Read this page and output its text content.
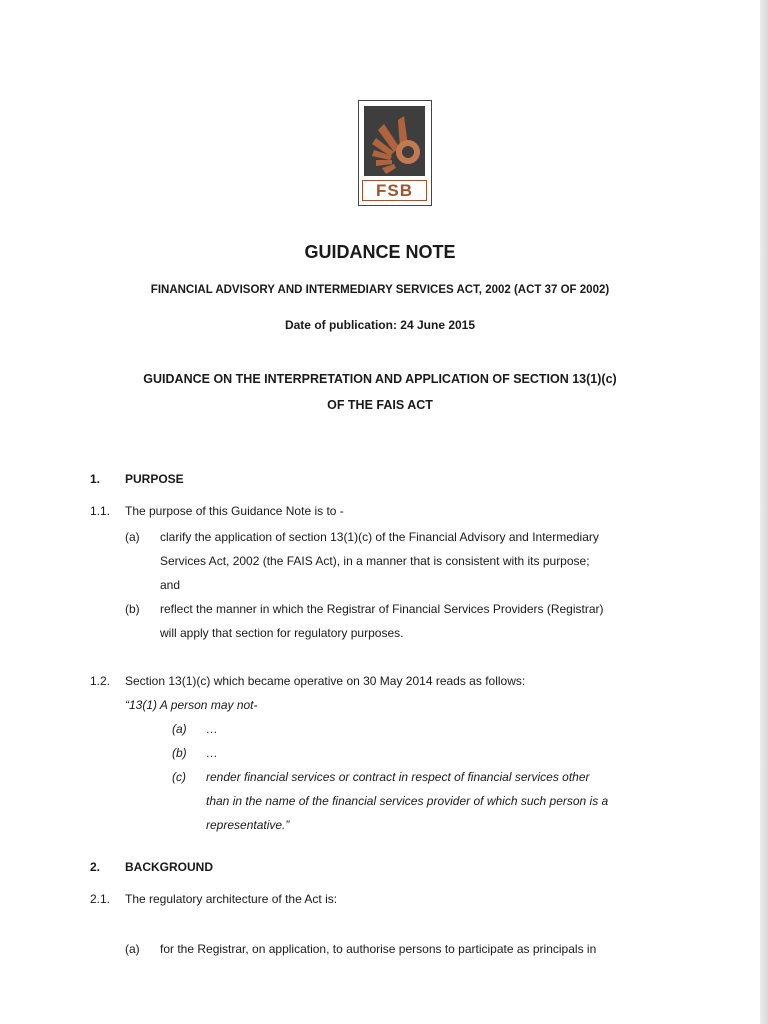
FSB
GUIDANCE NOTE
FINANCIAL ADVISORY AND INTERMEDIARY SERVICES ACT, 2002 (ACT 37 OF 2002)
Date of publication: 24 June 2015
GUIDANCE ON THE INTERPRETATION AND APPLICATION OF SECTION 13(1)(c)
OF THE FAIS ACT
1. PURPOSE
1.1. The purpose of this Guidance Note is to -
(a) clarify the application of section 13(1)(c) of the Financial Advisory and Intermediary
Services Act, 2002 (the FAIS Act), in a manner that is consistent with its purpose;
and
(b) reflect the manner in which the Registrar of Financial Services Providers (Registrar)
will apply that section for regulatory purposes.
1.2. Section 13(1)(c) which became operative on 30 May 2014 reads as follows:
“13(1) A person may not-
(a) …
(b) …
(c) render financial services or contract in respect of financial services other
than in the name of the financial services provider of which such person is a
representative.”
2. BACKGROUND
2.1. The regulatory architecture of the Act is:
(a) for the Registrar, on application, to authorise persons to participate as principals in
